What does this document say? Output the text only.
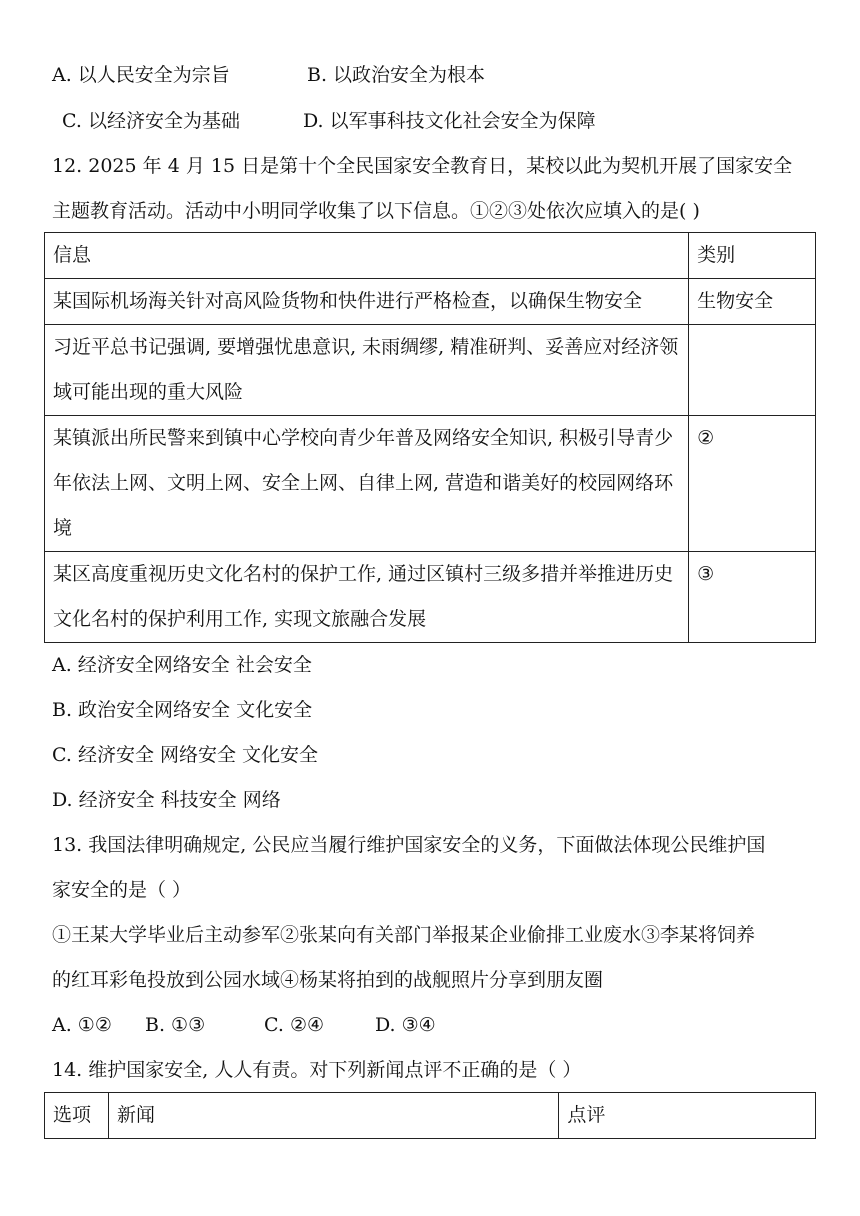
A. 以人民安全为宗旨	B. 以政治安全为根本
C. 以经济安全为基础	D. 以军事科技文化社会安全为保障
12. 2025 年 4 月 15 日是第十个全民国家安全教育日，某校以此为契机开展了国家安全
主题教育活动。活动中小明同学收集了以下信息。①②③处依次应填入的是( )
信息	类别
某国际机场海关针对高风险货物和快件进行严格检查，以确保生物安全	生物安全
习近平总书记强调, 要增强忧患意识, 未雨绸缪, 精准研判、妥善应对经济领域可能出现的重大风险	
某镇派出所民警来到镇中心学校向青少年普及网络安全知识, 积极引导青少年依法上网、文明上网、安全上网、自律上网, 营造和谐美好的校园网络环境	②
某区高度重视历史文化名村的保护工作, 通过区镇村三级多措并举推进历史文化名村的保护利用工作, 实现文旅融合发展	③
A. 经济安全网络安全 社会安全
B. 政治安全网络安全 文化安全
C. 经济安全 网络安全 文化安全
D. 经济安全 科技安全 网络
13. 我国法律明确规定, 公民应当履行维护国家安全的义务，下面做法体现公民维护国
家安全的是（ ）
①王某大学毕业后主动参军②张某向有关部门举报某企业偷排工业废水③李某将饲养
的红耳彩龟投放到公园水域④杨某将拍到的战舰照片分享到朋友圈
A. ①② B. ①③	C. ②④	D. ③④
14. 维护国家安全, 人人有责。对下列新闻点评不正确的是（ ）
选项	新闻	点评
